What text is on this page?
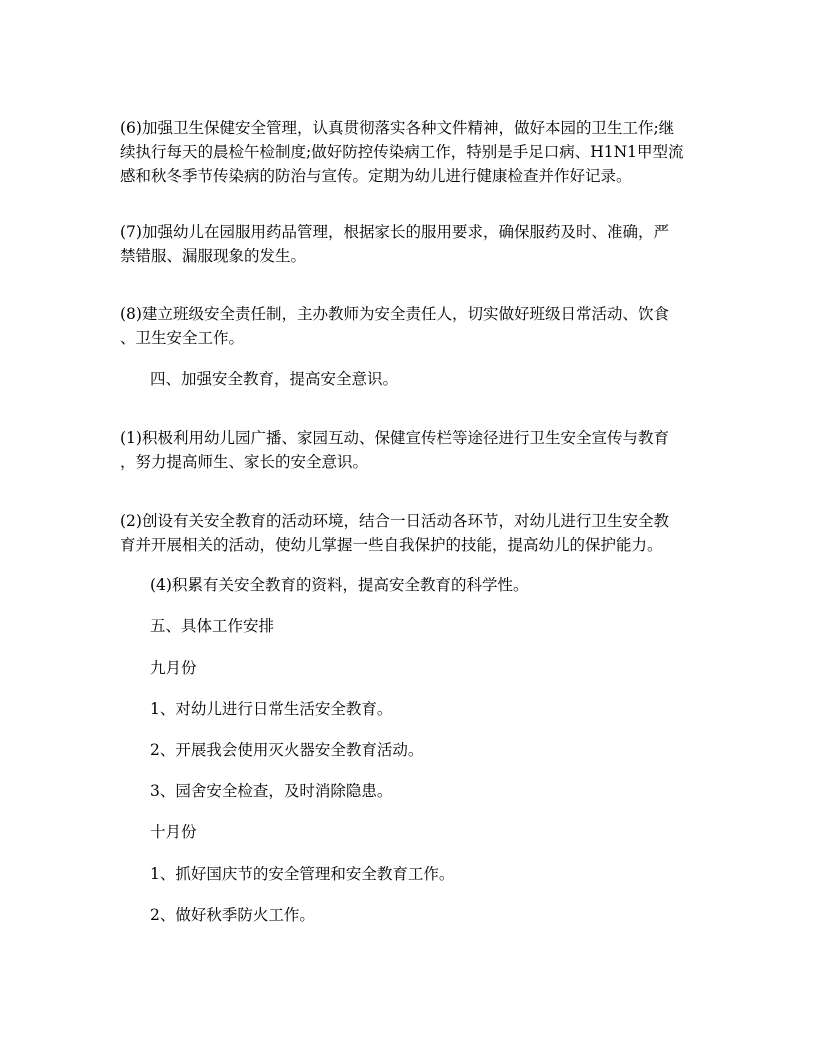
(6)加强卫生保健安全管理，认真贯彻落实各种文件精神，做好本园的卫生工作;继
续执行每天的晨检午检制度;做好防控传染病工作，特别是手足口病、H1N1甲型流
感和秋冬季节传染病的防治与宣传。定期为幼儿进行健康检查并作好记录。

(7)加强幼儿在园服用药品管理，根据家长的服用要求，确保服药及时、准确，严
禁错服、漏服现象的发生。

(8)建立班级安全责任制，主办教师为安全责任人，切实做好班级日常活动、饮食
、卫生安全工作。

四、加强安全教育，提高安全意识。

(1)积极利用幼儿园广播、家园互动、保健宣传栏等途径进行卫生安全宣传与教育
，努力提高师生、家长的安全意识。

(2)创设有关安全教育的活动环境，结合一日活动各环节，对幼儿进行卫生安全教
育并开展相关的活动，使幼儿掌握一些自我保护的技能，提高幼儿的保护能力。

(4)积累有关安全教育的资料，提高安全教育的科学性。

五、具体工作安排

九月份

1、对幼儿进行日常生活安全教育。

2、开展我会使用灭火器安全教育活动。

3、园舍安全检查，及时消除隐患。

十月份

1、抓好国庆节的安全管理和安全教育工作。

2、做好秋季防火工作。
